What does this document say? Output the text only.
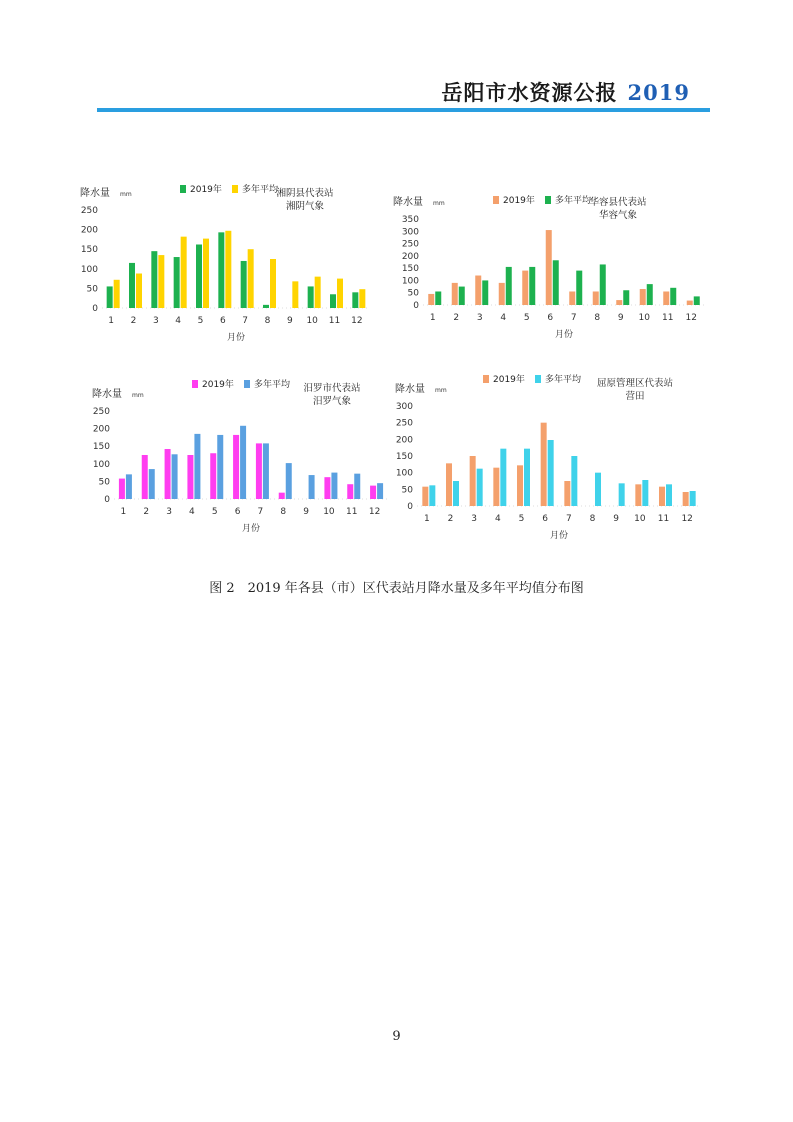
岳阳市水资源公报 2019
降水量 mm
0
50
100
150
200
250
1 2 3 4 5 6 7 8 9 10 11 12
月份
2019年 多年平均
湘阴县代表站
湘阴气象	降水量 mm
0
50
100
150
200
250
300
350
1 2 3 4 5 6 7 8 9 10 11 12
月份
2019年 多年平均
华容县代表站
华容气象
降水量 mm
0
50
100
150
200
250
1 2 3 4 5 6 7 8 9 10 11 12
月份
2019年 多年平均 汨罗市代表站
汨罗气象
降水量 mm
0
50
100
150
200
250
300
1 2 3 4 5 6 7 8 9 10 11 12
月份
2019年 多年平均 屈原管理区代表站
营田
图 2　2019 年各县（市）区代表站月降水量及多年平均值分布图
9
